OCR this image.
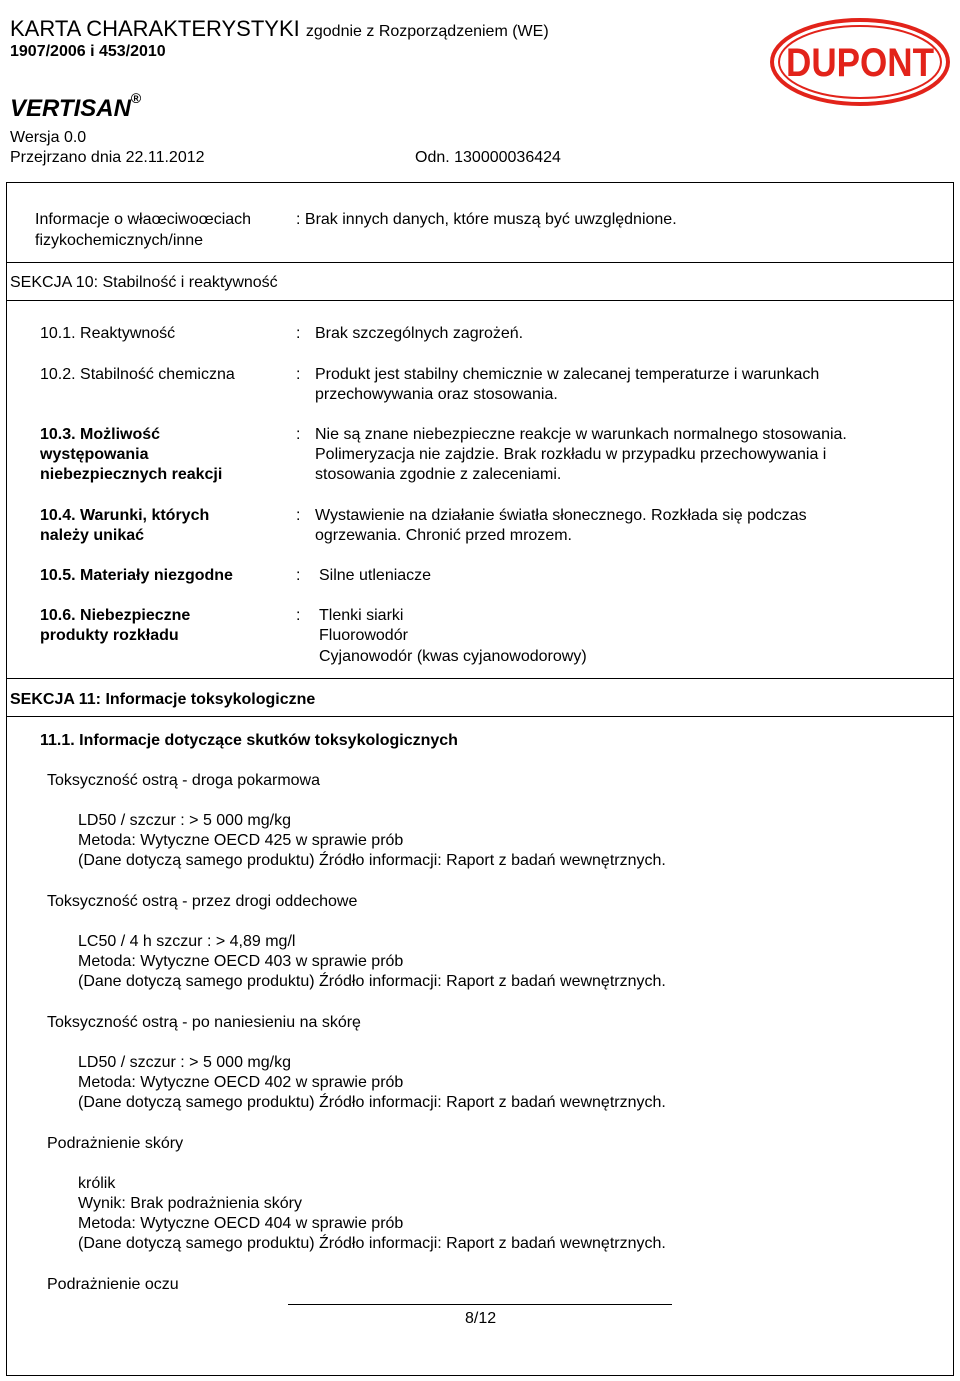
KARTA CHARAKTERYSTYKI zgodnie z Rozporządzeniem (WE)
1907/2006 i 453/2010
VERTISAN®
Wersja 0.0
Przejrzano dnia 22.11.2012	Odn. 130000036424
DUPONT
Informacje o właœciwoœciach
fizykochemicznych/inne
: Brak innych danych, które muszą być uwzględnione.
SEKCJA 10: Stabilność i reaktywność
10.1. Reaktywność	: Brak szczególnych zagrożeń.
10.2. Stabilność chemiczna	: Produkt jest stabilny chemicznie w zalecanej temperaturze i warunkach
przechowywania oraz stosowania.
10.3. Możliwość
występowania
niebezpiecznych reakcji
: Nie są znane niebezpieczne reakcje w warunkach normalnego stosowania.
Polimeryzacja nie zajdzie. Brak rozkładu w przypadku przechowywania i
stosowania zgodnie z zaleceniami.
10.4. Warunki, których
należy unikać
: Wystawienie na działanie światła słonecznego. Rozkłada się podczas
ogrzewania. Chronić przed mrozem.
10.5. Materiały niezgodne	: Silne utleniacze
10.6. Niebezpieczne
produkty rozkładu
: Tlenki siarki
Fluorowodór
Cyjanowodór (kwas cyjanowodorowy)
SEKCJA 11: Informacje toksykologiczne
11.1. Informacje dotyczące skutków toksykologicznych
Toksyczność ostrą - droga pokarmowa
LD50 / szczur : > 5 000 mg/kg
Metoda: Wytyczne OECD 425 w sprawie prób
(Dane dotyczą samego produktu) Źródło informacji: Raport z badań wewnętrznych.
Toksyczność ostrą - przez drogi oddechowe
LC50 / 4 h szczur : > 4,89 mg/l
Metoda: Wytyczne OECD 403 w sprawie prób
(Dane dotyczą samego produktu) Źródło informacji: Raport z badań wewnętrznych.
Toksyczność ostrą - po naniesieniu na skórę
LD50 / szczur : > 5 000 mg/kg
Metoda: Wytyczne OECD 402 w sprawie prób
(Dane dotyczą samego produktu) Źródło informacji: Raport z badań wewnętrznych.
Podrażnienie skóry
królik
Wynik: Brak podrażnienia skóry
Metoda: Wytyczne OECD 404 w sprawie prób
(Dane dotyczą samego produktu) Źródło informacji: Raport z badań wewnętrznych.
Podrażnienie oczu
8/12
